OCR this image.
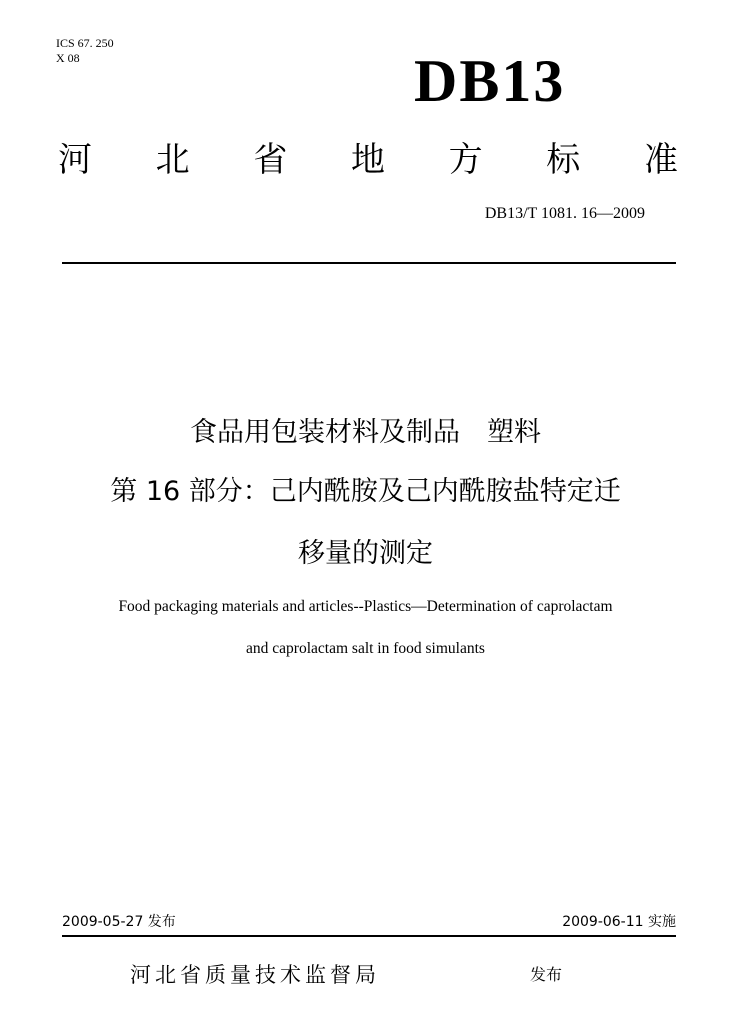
ICS 67. 250
X 08	DB13
河 北 省 地 方 标 准
DB13/T 1081. 16—2009
食品用包装材料及制品　塑料
第 16 部分：己内酰胺及己内酰胺盐特定迁
移量的测定
Food packaging materials and articles--Plastics—Determination of caprolactam
and caprolactam salt in food simulants
2009-05-27 发布	2009-06-11 实施
河北省质量技术监督局	发布
